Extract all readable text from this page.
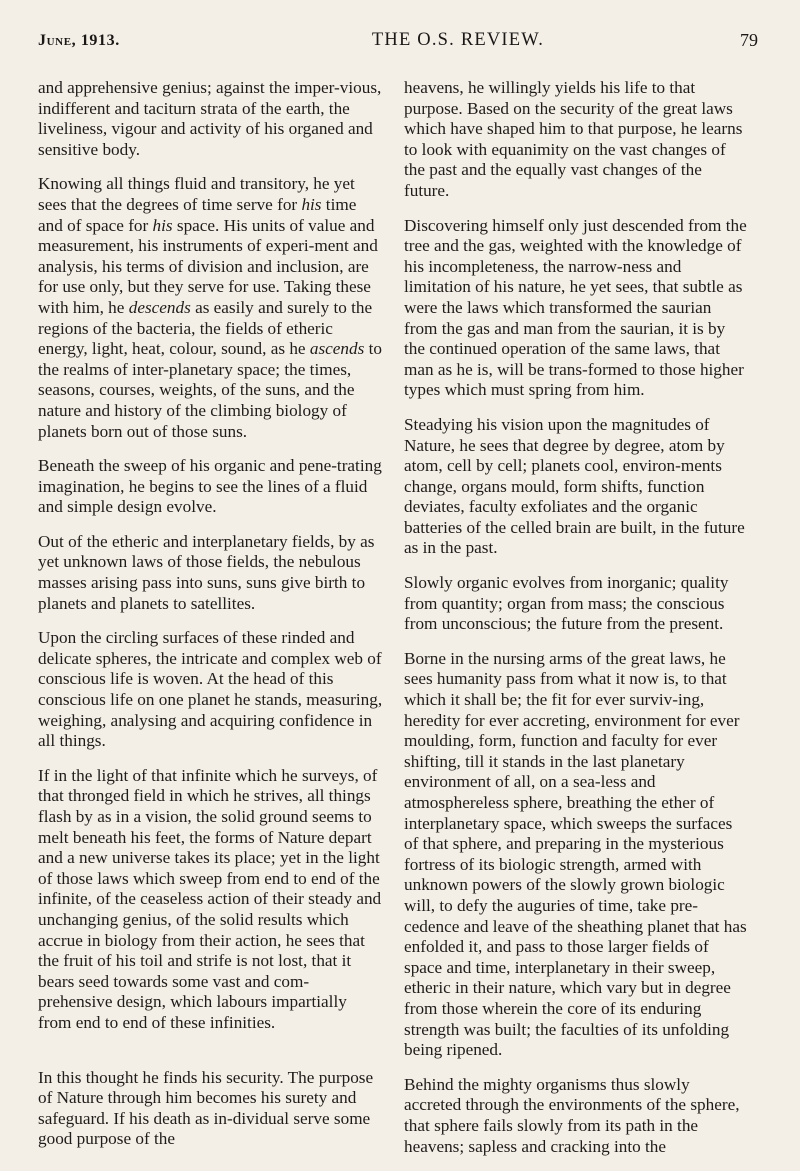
June, 1913.	THE O.S. REVIEW.	79

and apprehensive genius; against the imper-vious, indifferent and taciturn strata of the earth, the liveliness, vigour and activity of his organed and sensitive body.

Knowing all things fluid and transitory, he yet sees that the degrees of time serve for his time and of space for his space. His units of value and measurement, his instruments of experi-ment and analysis, his terms of division and inclusion, are for use only, but they serve for use. Taking these with him, he descends as easily and surely to the regions of the bacteria, the fields of etheric energy, light, heat, colour, sound, as he ascends to the realms of inter-planetary space; the times, seasons, courses, weights, of the suns, and the nature and history of the climbing biology of planets born out of those suns.

Beneath the sweep of his organic and pene-trating imagination, he begins to see the lines of a fluid and simple design evolve.

Out of the etheric and interplanetary fields, by as yet unknown laws of those fields, the nebulous masses arising pass into suns, suns give birth to planets and planets to satellites.

Upon the circling surfaces of these rinded and delicate spheres, the intricate and complex web of conscious life is woven. At the head of this conscious life on one planet he stands, measuring, weighing, analysing and acquiring confidence in all things.

If in the light of that infinite which he surveys, of that thronged field in which he strives, all things flash by as in a vision, the solid ground seems to melt beneath his feet, the forms of Nature depart and a new universe takes its place; yet in the light of those laws which sweep from end to end of the infinite, of the ceaseless action of their steady and unchanging genius, of the solid results which accrue in biology from their action, he sees that the fruit of his toil and strife is not lost, that it bears seed towards some vast and com-prehensive design, which labours impartially from end to end of these infinities.

In this thought he finds his security. The purpose of Nature through him becomes his surety and safeguard. If his death as in-dividual serve some good purpose of the

heavens, he willingly yields his life to that purpose. Based on the security of the great laws which have shaped him to that purpose, he learns to look with equanimity on the vast changes of the past and the equally vast changes of the future.

Discovering himself only just descended from the tree and the gas, weighted with the knowledge of his incompleteness, the narrow-ness and limitation of his nature, he yet sees, that subtle as were the laws which transformed the saurian from the gas and man from the saurian, it is by the continued operation of the same laws, that man as he is, will be trans-formed to those higher types which must spring from him.

Steadying his vision upon the magnitudes of Nature, he sees that degree by degree, atom by atom, cell by cell; planets cool, environ-ments change, organs mould, form shifts, function deviates, faculty exfoliates and the organic batteries of the celled brain are built, in the future as in the past.

Slowly organic evolves from inorganic; quality from quantity; organ from mass; the conscious from unconscious; the future from the present.

Borne in the nursing arms of the great laws, he sees humanity pass from what it now is, to that which it shall be; the fit for ever surviv-ing, heredity for ever accreting, environment for ever moulding, form, function and faculty for ever shifting, till it stands in the last planetary environment of all, on a sea-less and atmosphereless sphere, breathing the ether of interplanetary space, which sweeps the surfaces of that sphere, and preparing in the mysterious fortress of its biologic strength, armed with unknown powers of the slowly grown biologic will, to defy the auguries of time, take pre-cedence and leave of the sheathing planet that has enfolded it, and pass to those larger fields of space and time, interplanetary in their sweep, etheric in their nature, which vary but in degree from those wherein the core of its enduring strength was built; the faculties of its unfolding being ripened.

Behind the mighty organisms thus slowly accreted through the environments of the sphere, that sphere fails slowly from its path in the heavens; sapless and cracking into the
